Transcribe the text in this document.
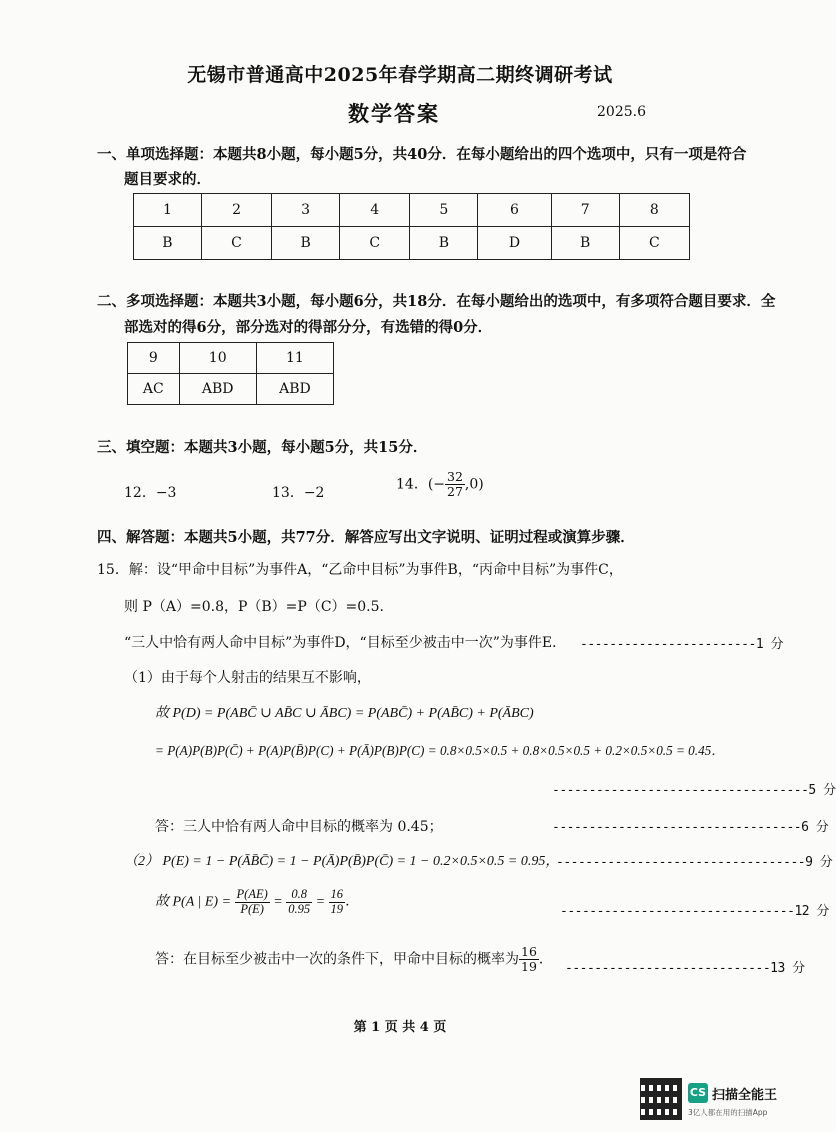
无锡市普通高中2025年春学期高二期终调研考试
数学答案	2025.6
一、单项选择题：本题共8小题，每小题5分，共40分．在每小题给出的四个选项中，只有一项是符合
题目要求的．
1	2	3	4	5	6	7	8
B	C	B	C	B	D	B	C
二、多项选择题：本题共3小题，每小题6分，共18分．在每小题给出的选项中，有多项符合题目要求．全
部选对的得6分，部分选对的得部分分，有选错的得0分．
9	10	11
AC	ABD	ABD
三、填空题：本题共3小题，每小题5分，共15分．
12．−3	13．−2
14．(− $\frac{32}{27} ,0$)
四、解答题：本题共5小题，共77分．解答应写出文字说明、证明过程或演算步骤．
15．解：设“甲命中目标”为事件A，“乙命中目标”为事件B，“丙命中目标”为事件C，
则 P（A）=0.8，P（B）=P（C）=0.5．
“三人中恰有两人命中目标”为事件D，“目标至少被击中一次”为事件E． ------------------------1 分
（1）由于每个人射击的结果互不影响，
故 P(D) = P(ABC̄ ∪ AB̄C ∪ ĀBC) = P(ABC̄) + P(AB̄C) + P(ĀBC)
= P(A)P(B)P(C̄) + P(A)P(B̄)P(C) + P(Ā)P(B)P(C) = 0.8×0.5×0.5 + 0.8×0.5×0.5 + 0.2×0.5×0.5 = 0.45．
-----------------------------------5 分
答：三人中恰有两人命中目标的概率为 0.45；	----------------------------------6 分
（2） P(E) = 1 − P(ĀB̄C̄) = 1 − P(Ā)P(B̄)P(C̄) = 1 − 0.2×0.5×0.5 = 0.95，
----------------------------------9 分
故 P(A | $E) = \frac{P(AE)}{P(E)} = \frac{0.8}{0.95} = \frac{16}{19}$ ．
--------------------------------12 分
答：在目标至少被击中一次的条件下，甲命中目标的概率为 $\frac{16}{19}$ ．
----------------------------13 分
第 1 页 共 4 页
CS 扫描全能王
3亿人都在用的扫描App
